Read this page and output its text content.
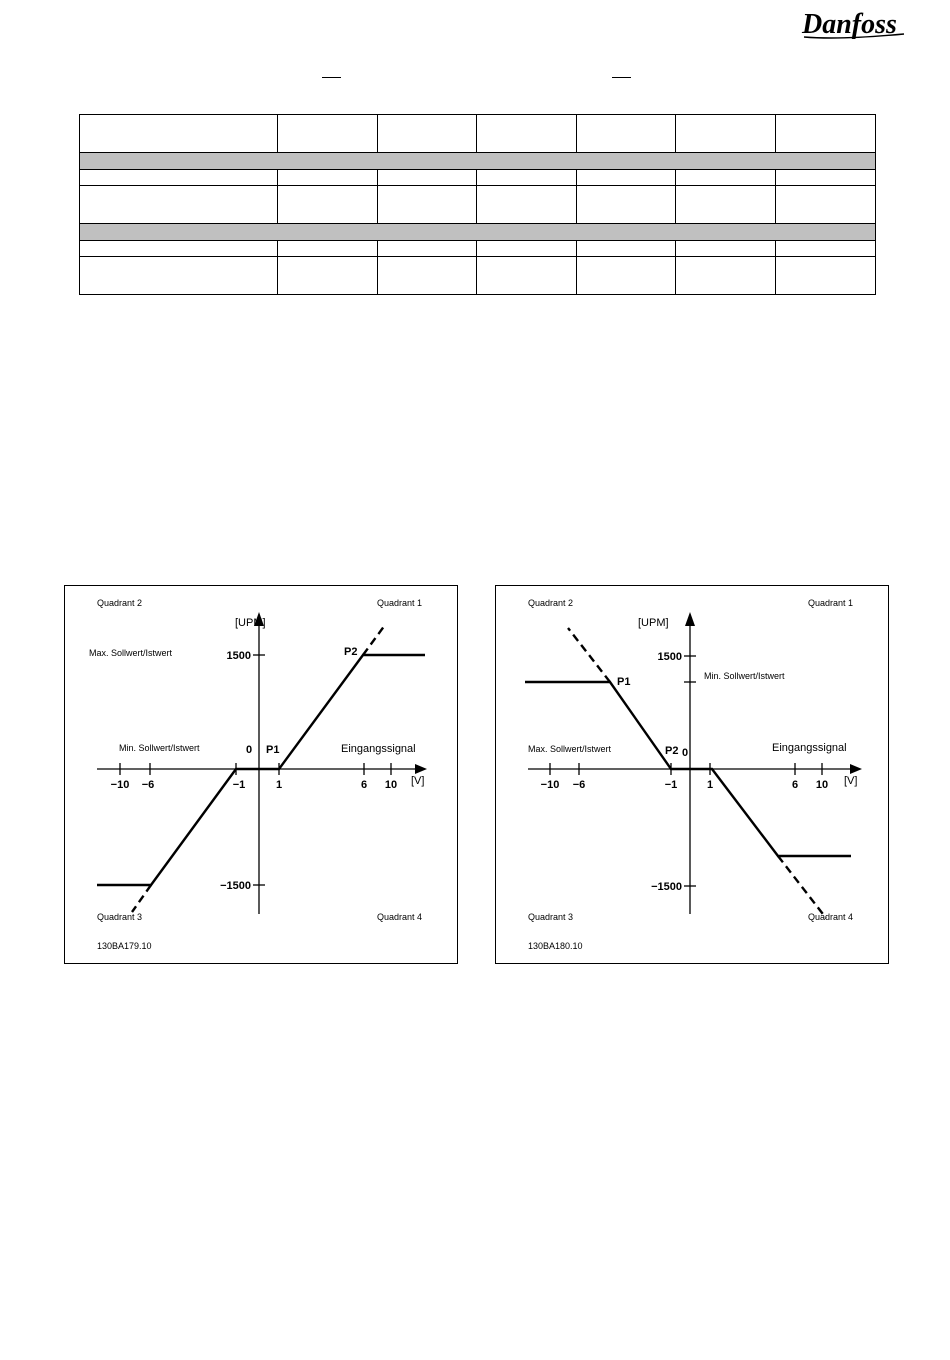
Danfoss

Quadrant 2	Quadrant 1
Quadrant 3	Quadrant 4
130BA179.10
[UPM]
[V]
1500
−1500
−10 −6	−1	1	6 10
Max. Sollwert/Istwert
Min. Sollwert/Istwert	Eingangssignal
0 P1
P2
Quadrant 2	Quadrant 1
Quadrant 3	Quadrant 4
130BA180.10
[UPM]
[V]
1500
−1500
−10 −6	−1	1	6 10
Min. Sollwert/Istwert
Max. Sollwert/Istwert	Eingangssignal
P1
P2 0
